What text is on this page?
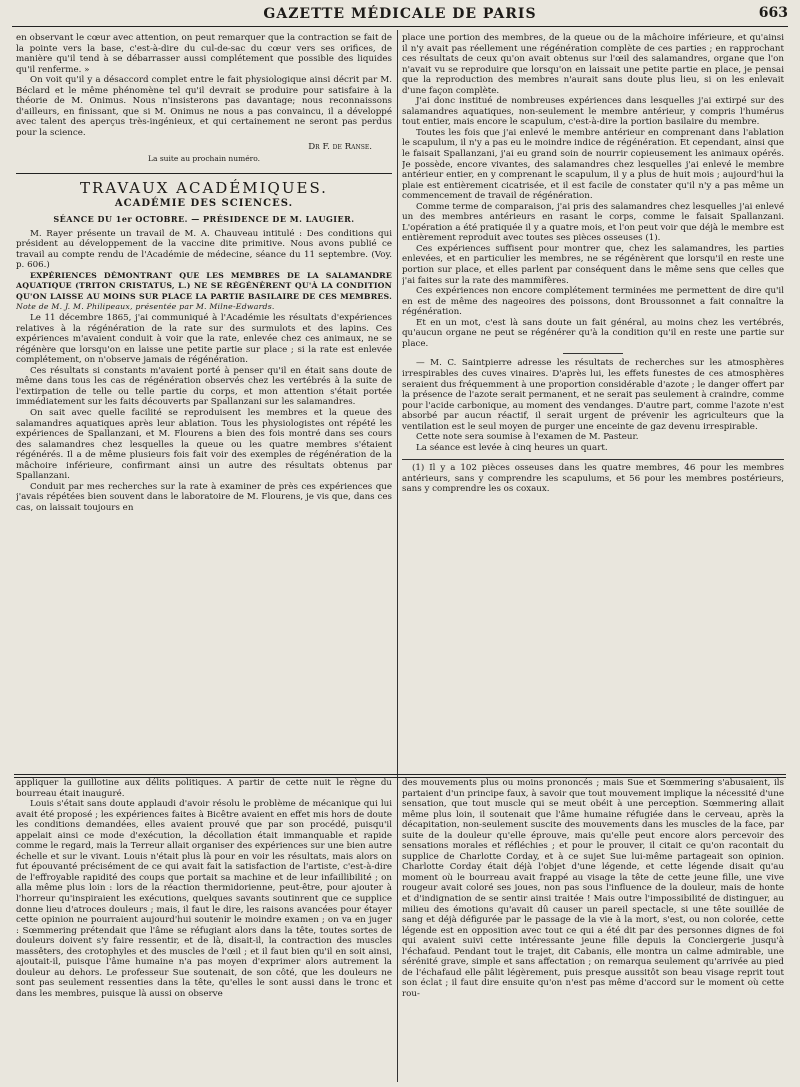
GAZETTE MÉDICALE DE PARIS	663

en observant le cœur avec attention, on peut remarquer que la contraction se fait de la pointe vers la base, c'est-à-dire du cul-de-sac du cœur vers ses orifices, de manière qu'il tend à se débarrasser aussi complétement que possible des liquides qu'il renferme. »

On voit qu'il y a désaccord complet entre le fait physiologique ainsi décrit par M. Béclard et le même phénomène tel qu'il devrait se produire pour satisfaire à la théorie de M. Onimus. Nous n'insisterons pas davantage; nous reconnaissons d'ailleurs, en finissant, que si M. Onimus ne nous a pas convaincu, il a développé avec talent des aperçus très-ingénieux, et qui certainement ne seront pas perdus pour la science.

Dr F. de Ranse.
La suite au prochain numéro.
TRAVAUX ACADÉMIQUES.
ACADÉMIE DES SCIENCES.
SÉANCE DU 1er OCTOBRE. — PRÉSIDENCE DE M. LAUGIER.

M. Rayer présente un travail de M. A. Chauveau intitulé : Des conditions qui président au développement de la vaccine dite primitive. Nous avons publié ce travail au compte rendu de l'Académie de médecine, séance du 11 septembre. (Voy. p. 606.)

EXPÉRIENCES DÉMONTRANT QUE LES MEMBRES DE LA SALAMANDRE AQUATIQUE (TRITON CRISTATUS, L.) NE SE RÉGÉNÈRENT QU'À LA CONDITION QU'ON LAISSE AU MOINS SUR PLACE LA PARTIE BASILAIRE DE CES MEMBRES. Note de M. J. M. Philipeaux, présentée par M. Milne-Edwards.

Le 11 décembre 1865, j'ai communiqué à l'Académie les résultats d'expériences relatives à la régénération de la rate sur des surmulots et des lapins. Ces expériences m'avaient conduit à voir que la rate, enlevée chez ces animaux, ne se régénère que lorsqu'on en laisse une petite partie sur place ; si la rate est enlevée complétement, on n'observe jamais de régénération.

Ces résultats si constants m'avaient porté à penser qu'il en était sans doute de même dans tous les cas de régénération observés chez les vertébrés à la suite de l'extirpation de telle ou telle partie du corps, et mon attention s'était portée immédiatement sur les faits découverts par Spallanzani sur les salamandres.

On sait avec quelle facilité se reproduisent les membres et la queue des salamandres aquatiques après leur ablation. Tous les physiologistes ont répété les expériences de Spallanzani, et M. Flourens a bien des fois montré dans ses cours des salamandres chez lesquelles la queue ou les quatre membres s'étaient régénérés. Il a de même plusieurs fois fait voir des exemples de régénération de la mâchoire inférieure, confirmant ainsi un autre des résultats obtenus par Spallanzani.

Conduit par mes recherches sur la rate à examiner de près ces expériences que j'avais répétées bien souvent dans le laboratoire de M. Flourens, je vis que, dans ces cas, on laissait toujours en

place une portion des membres, de la queue ou de la mâchoire inférieure, et qu'ainsi il n'y avait pas réellement une régénération complète de ces parties ; en rapprochant ces résultats de ceux qu'on avait obtenus sur l'œil des salamandres, organe que l'on n'avait vu se reproduire que lorsqu'on en laissait une petite partie en place, je pensai que la reproduction des membres n'aurait sans doute plus lieu, si on les enlevait d'une façon complète.

J'ai donc institué de nombreuses expériences dans lesquelles j'ai extirpé sur des salamandres aquatiques, non-seulement le membre antérieur, y compris l'humérus tout entier, mais encore le scapulum, c'est-à-dire la portion basilaire du membre.

Toutes les fois que j'ai enlevé le membre antérieur en comprenant dans l'ablation le scapulum, il n'y a pas eu le moindre indice de régénération. Et cependant, ainsi que le faisait Spallanzani, j'ai eu grand soin de nourrir copieusement les animaux opérés. Je possède, encore vivantes, des salamandres chez lesquelles j'ai enlevé le membre antérieur entier, en y comprenant le scapulum, il y a plus de huit mois ; aujourd'hui la plaie est entièrement cicatrisée, et il est facile de constater qu'il n'y a pas même un commencement de travail de régénération.

Comme terme de comparaison, j'ai pris des salamandres chez lesquelles j'ai enlevé un des membres antérieurs en rasant le corps, comme le faisait Spallanzani. L'opération a été pratiquée il y a quatre mois, et l'on peut voir que déjà le membre est entièrement reproduit avec toutes ses pièces osseuses (1).

Ces expériences suffisent pour montrer que, chez les salamandres, les parties enlevées, et en particulier les membres, ne se régénèrent que lorsqu'il en reste une portion sur place, et elles parlent par conséquent dans le même sens que celles que j'ai faites sur la rate des mammifères.

Ces expériences non encore complétement terminées me permettent de dire qu'il en est de même des nageoires des poissons, dont Broussonnet a fait connaître la régénération.

Et en un mot, c'est là sans doute un fait général, au moins chez les vertébrés, qu'aucun organe ne peut se régénérer qu'à la condition qu'il en reste une partie sur place.

— M. C. Saintpierre adresse les résultats de recherches sur les atmosphères irrespirables des cuves vinaires. D'après lui, les effets funestes de ces atmosphères seraient dus fréquemment à une proportion considérable d'azote ; le danger offert par la présence de l'azote serait permanent, et ne serait pas seulement à craindre, comme pour l'acide carbonique, au moment des vendanges. D'autre part, comme l'azote n'est absorbé par aucun réactif, il serait urgent de prévenir les agriculteurs que la ventilation est le seul moyen de purger une enceinte de gaz devenu irrespirable.

Cette note sera soumise à l'examen de M. Pasteur.

La séance est levée à cinq heures un quart.

(1) Il y a 102 pièces osseuses dans les quatre membres, 46 pour les membres antérieurs, sans y comprendre les scapulums, et 56 pour les membres postérieurs, sans y comprendre les os coxaux.

appliquer la guillotine aux délits politiques. A partir de cette nuit le règne du bourreau était inauguré.

Louis s'était sans doute applaudi d'avoir résolu le problème de mécanique qui lui avait été proposé ; les expériences faites à Bicêtre avaient en effet mis hors de doute les conditions demandées, elles avaient prouvé que par son procédé, puisqu'il appelait ainsi ce mode d'exécution, la décollation était immanquable et rapide comme le regard, mais la Terreur allait organiser des expériences sur une bien autre échelle et sur le vivant. Louis n'était plus là pour en voir les résultats, mais alors on fut épouvanté précisément de ce qui avait fait la satisfaction de l'artiste, c'est-à-dire de l'effroyable rapidité des coups que portait sa machine et de leur infaillibilité ; on alla même plus loin : lors de la réaction thermidorienne, peut-être, pour ajouter à l'horreur qu'inspiraient les exécutions, quelques savants soutinrent que ce supplice donne lieu d'atroces douleurs ; mais, il faut le dire, les raisons avancées pour étayer cette opinion ne pourraient aujourd'hui soutenir le moindre examen ; on va en juger : Sœmmering prétendait que l'âme se réfugiant alors dans la tête, toutes sortes de douleurs doivent s'y faire ressentir, et de là, disait-il, la contraction des muscles massêters, des crotophyles et des muscles de l'œil ; et il faut bien qu'il en soit ainsi, ajoutait-il, puisque l'âme humaine n'a pas moyen d'exprimer alors autrement la douleur au dehors. Le professeur Sue soutenait, de son côté, que les douleurs ne sont pas seulement ressenties dans la tête, qu'elles le sont aussi dans le tronc et dans les membres, puisque là aussi on observe

des mouvements plus ou moins prononcés ; mais Sue et Sœmmering s'abusaient, ils partaient d'un principe faux, à savoir que tout mouvement implique la nécessité d'une sensation, que tout muscle qui se meut obéit à une perception. Sœmmering allait même plus loin, il soutenait que l'âme humaine réfugiée dans le cerveau, après la décapitation, non-seulement suscite des mouvements dans les muscles de la face, par suite de la douleur qu'elle éprouve, mais qu'elle peut encore alors percevoir des sensations morales et réfléchies ; et pour le prouver, il citait ce qu'on racontait du supplice de Charlotte Corday, et à ce sujet Sue lui-même partageait son opinion. Charlotte Corday était déjà l'objet d'une légende, et cette légende disait qu'au moment où le bourreau avait frappé au visage la tête de cette jeune fille, une vive rougeur avait coloré ses joues, non pas sous l'influence de la douleur, mais de honte et d'indignation de se sentir ainsi traitée ! Mais outre l'impossibilité de distinguer, au milieu des émotions qu'avait dû causer un pareil spectacle, si une tête souillée de sang et déjà défigurée par le passage de la vie à la mort, s'est, ou non colorée, cette légende est en opposition avec tout ce qui a été dit par des personnes dignes de foi qui avaient suivi cette intéressante jeune fille depuis la Conciergerie jusqu'à l'échafaud. Pendant tout le trajet, dit Cabanis, elle montra un calme admirable, une sérénité grave, simple et sans affectation ; on remarqua seulement qu'arrivée au pied de l'échafaud elle pâlit légèrement, puis presque aussitôt son beau visage reprit tout son éclat ; il faut dire ensuite qu'on n'est pas même d'accord sur le moment où cette rou-
